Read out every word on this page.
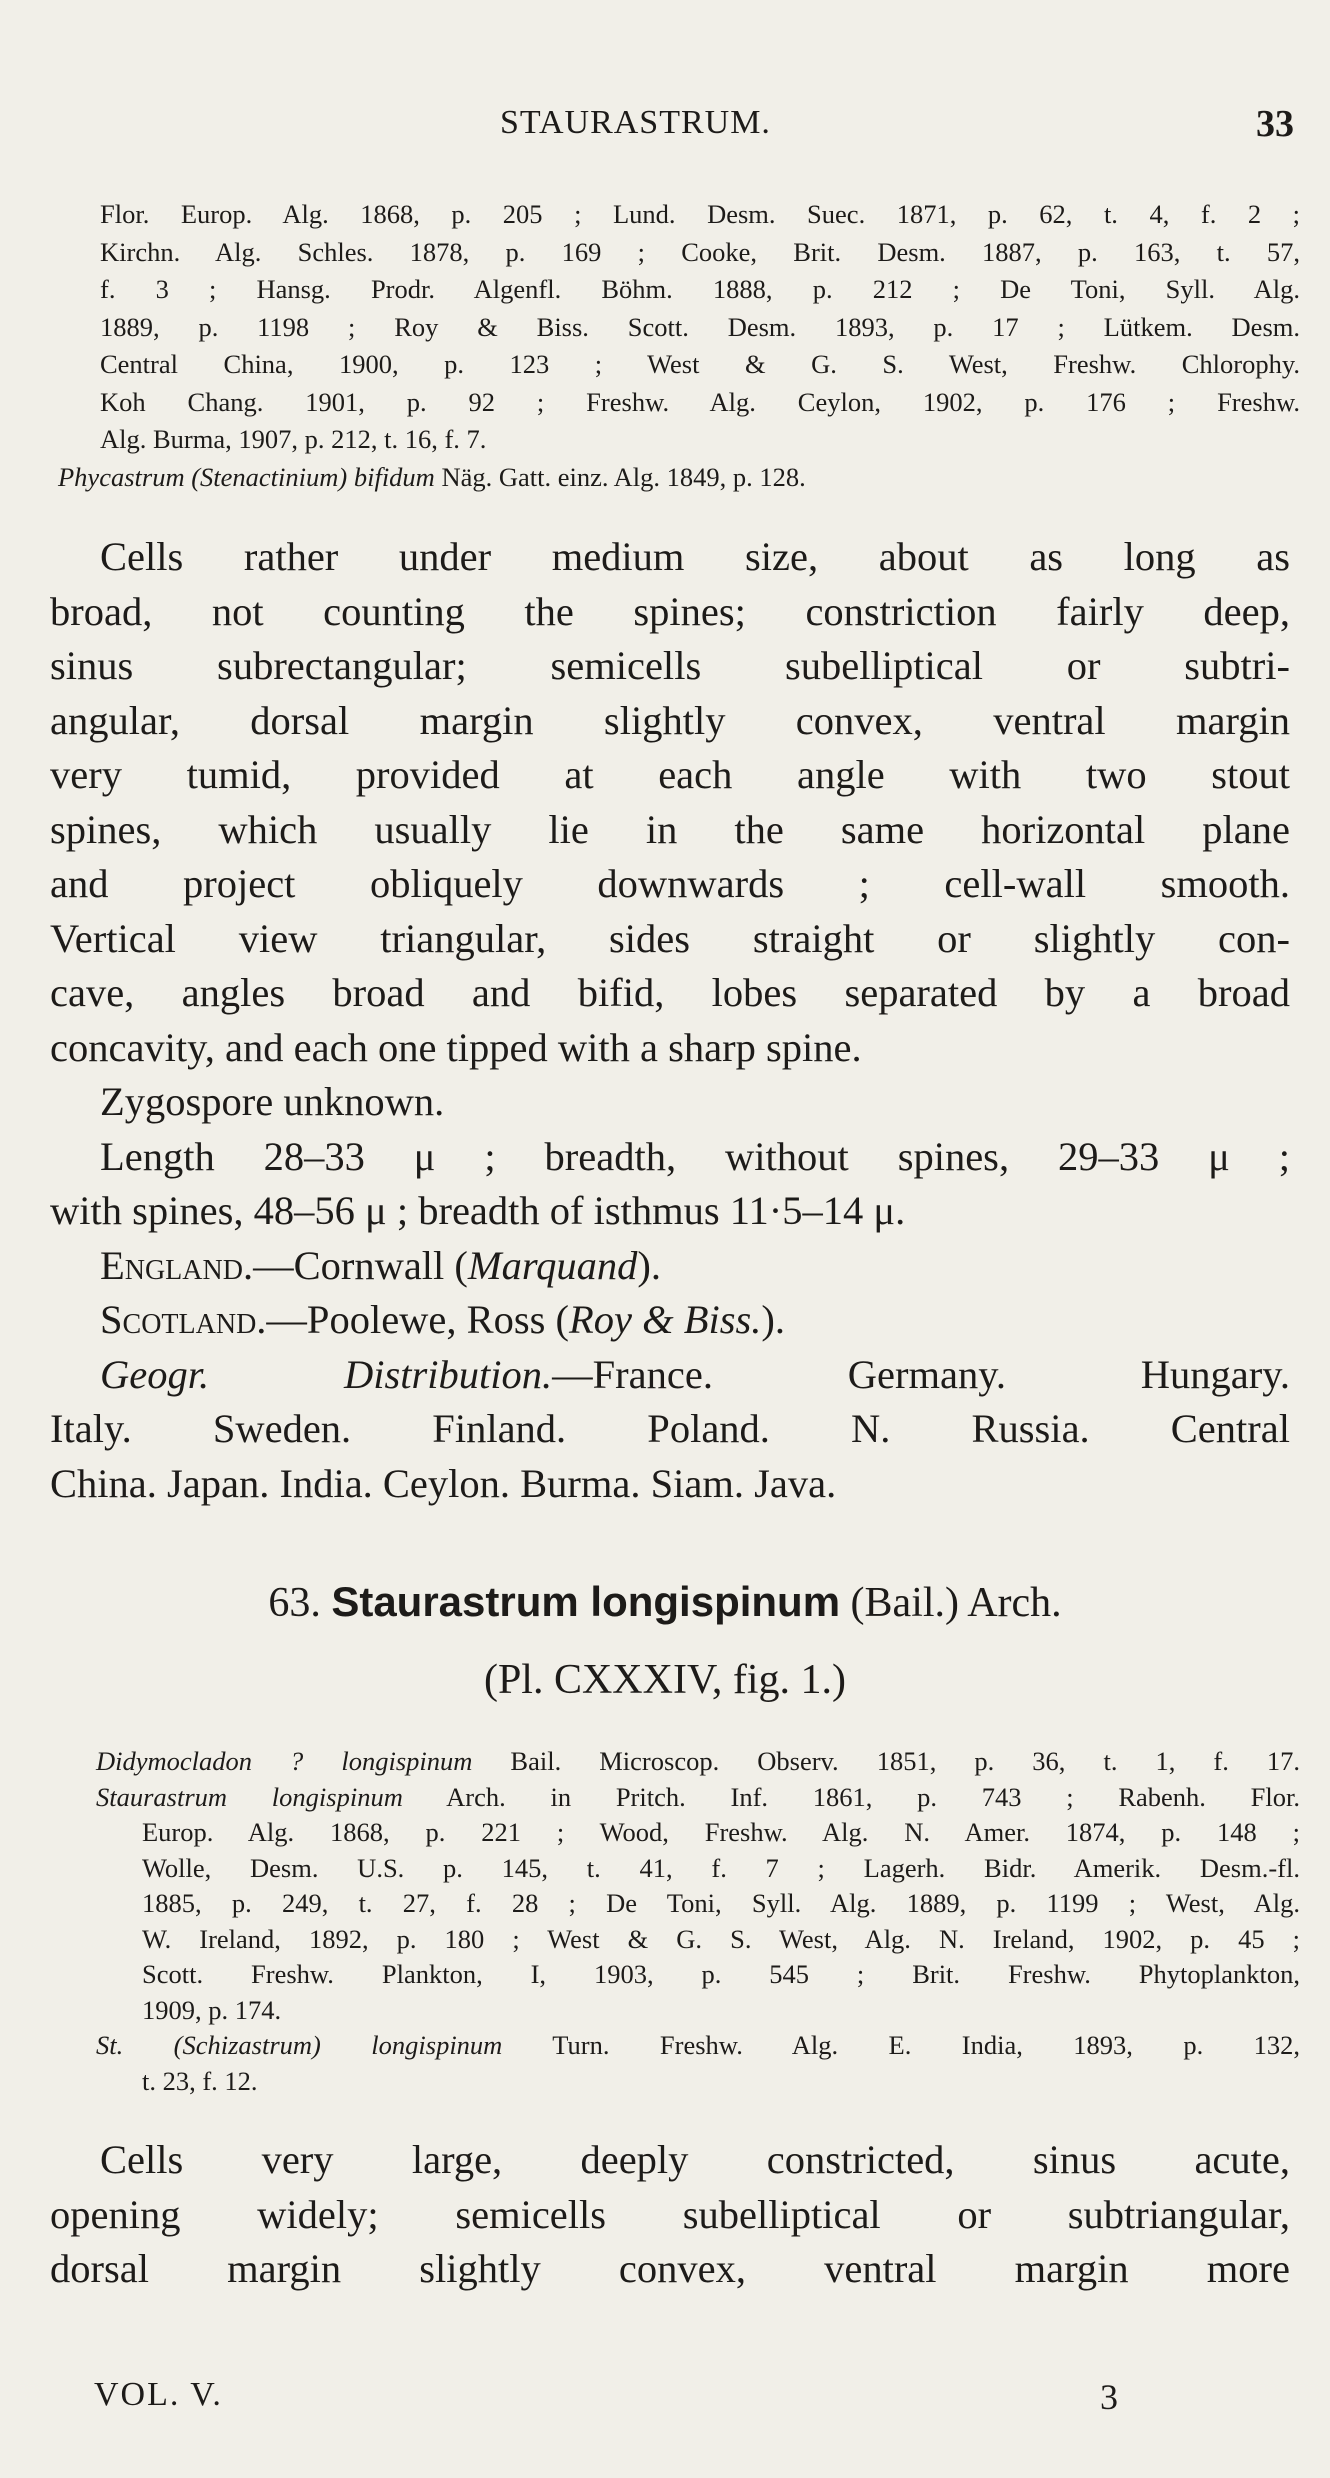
STAURASTRUM.	33

Flor. Europ. Alg. 1868, p. 205 ; Lund. Desm. Suec. 1871, p. 62, t. 4, f. 2 ;

Kirchn. Alg. Schles. 1878, p. 169 ; Cooke, Brit. Desm. 1887, p. 163, t. 57,

f. 3 ; Hansg. Prodr. Algenfl. Böhm. 1888, p. 212 ; De Toni, Syll. Alg.

1889, p. 1198 ; Roy & Biss. Scott. Desm. 1893, p. 17 ; Lütkem. Desm.

Central China, 1900, p. 123 ; West & G. S. West, Freshw. Chlorophy.

Koh Chang. 1901, p. 92 ; Freshw. Alg. Ceylon, 1902, p. 176 ; Freshw.

Alg. Burma, 1907, p. 212, t. 16, f. 7.

Phycastrum (Stenactinium) bifidum Näg. Gatt. einz. Alg. 1849, p. 128.

Cells rather under medium size, about as long as

broad, not counting the spines; constriction fairly deep,

sinus subrectangular; semicells subelliptical or subtri-

angular, dorsal margin slightly convex, ventral margin

very tumid, provided at each angle with two stout

spines, which usually lie in the same horizontal plane

and project obliquely downwards ; cell-wall smooth.

Vertical view triangular, sides straight or slightly con-

cave, angles broad and bifid, lobes separated by a broad

concavity, and each one tipped with a sharp spine.

Zygospore unknown.

Length 28–33 μ ; breadth, without spines, 29–33 μ ;

with spines, 48–56 μ ; breadth of isthmus 11·5–14 μ.

England.—Cornwall (Marquand).

Scotland.—Poolewe, Ross (Roy & Biss.).

Geogr. Distribution.—France. Germany. Hungary.

Italy. Sweden. Finland. Poland. N. Russia. Central

China. Japan. India. Ceylon. Burma. Siam. Java.

63. Staurastrum longispinum (Bail.) Arch.
(Pl. CXXXIV, fig. 1.)

Didymocladon ? longispinum Bail. Microscop. Observ. 1851, p. 36, t. 1, f. 17.

Staurastrum longispinum Arch. in Pritch. Inf. 1861, p. 743 ; Rabenh. Flor.

Europ. Alg. 1868, p. 221 ; Wood, Freshw. Alg. N. Amer. 1874, p. 148 ;

Wolle, Desm. U.S. p. 145, t. 41, f. 7 ; Lagerh. Bidr. Amerik. Desm.-fl.

1885, p. 249, t. 27, f. 28 ; De Toni, Syll. Alg. 1889, p. 1199 ; West, Alg.

W. Ireland, 1892, p. 180 ; West & G. S. West, Alg. N. Ireland, 1902, p. 45 ;

Scott. Freshw. Plankton, I, 1903, p. 545 ; Brit. Freshw. Phytoplankton,

1909, p. 174.

St. (Schizastrum) longispinum Turn. Freshw. Alg. E. India, 1893, p. 132,

t. 23, f. 12.

Cells very large, deeply constricted, sinus acute,

opening widely; semicells subelliptical or subtriangular,

dorsal margin slightly convex, ventral margin more

VOL. V.	3
